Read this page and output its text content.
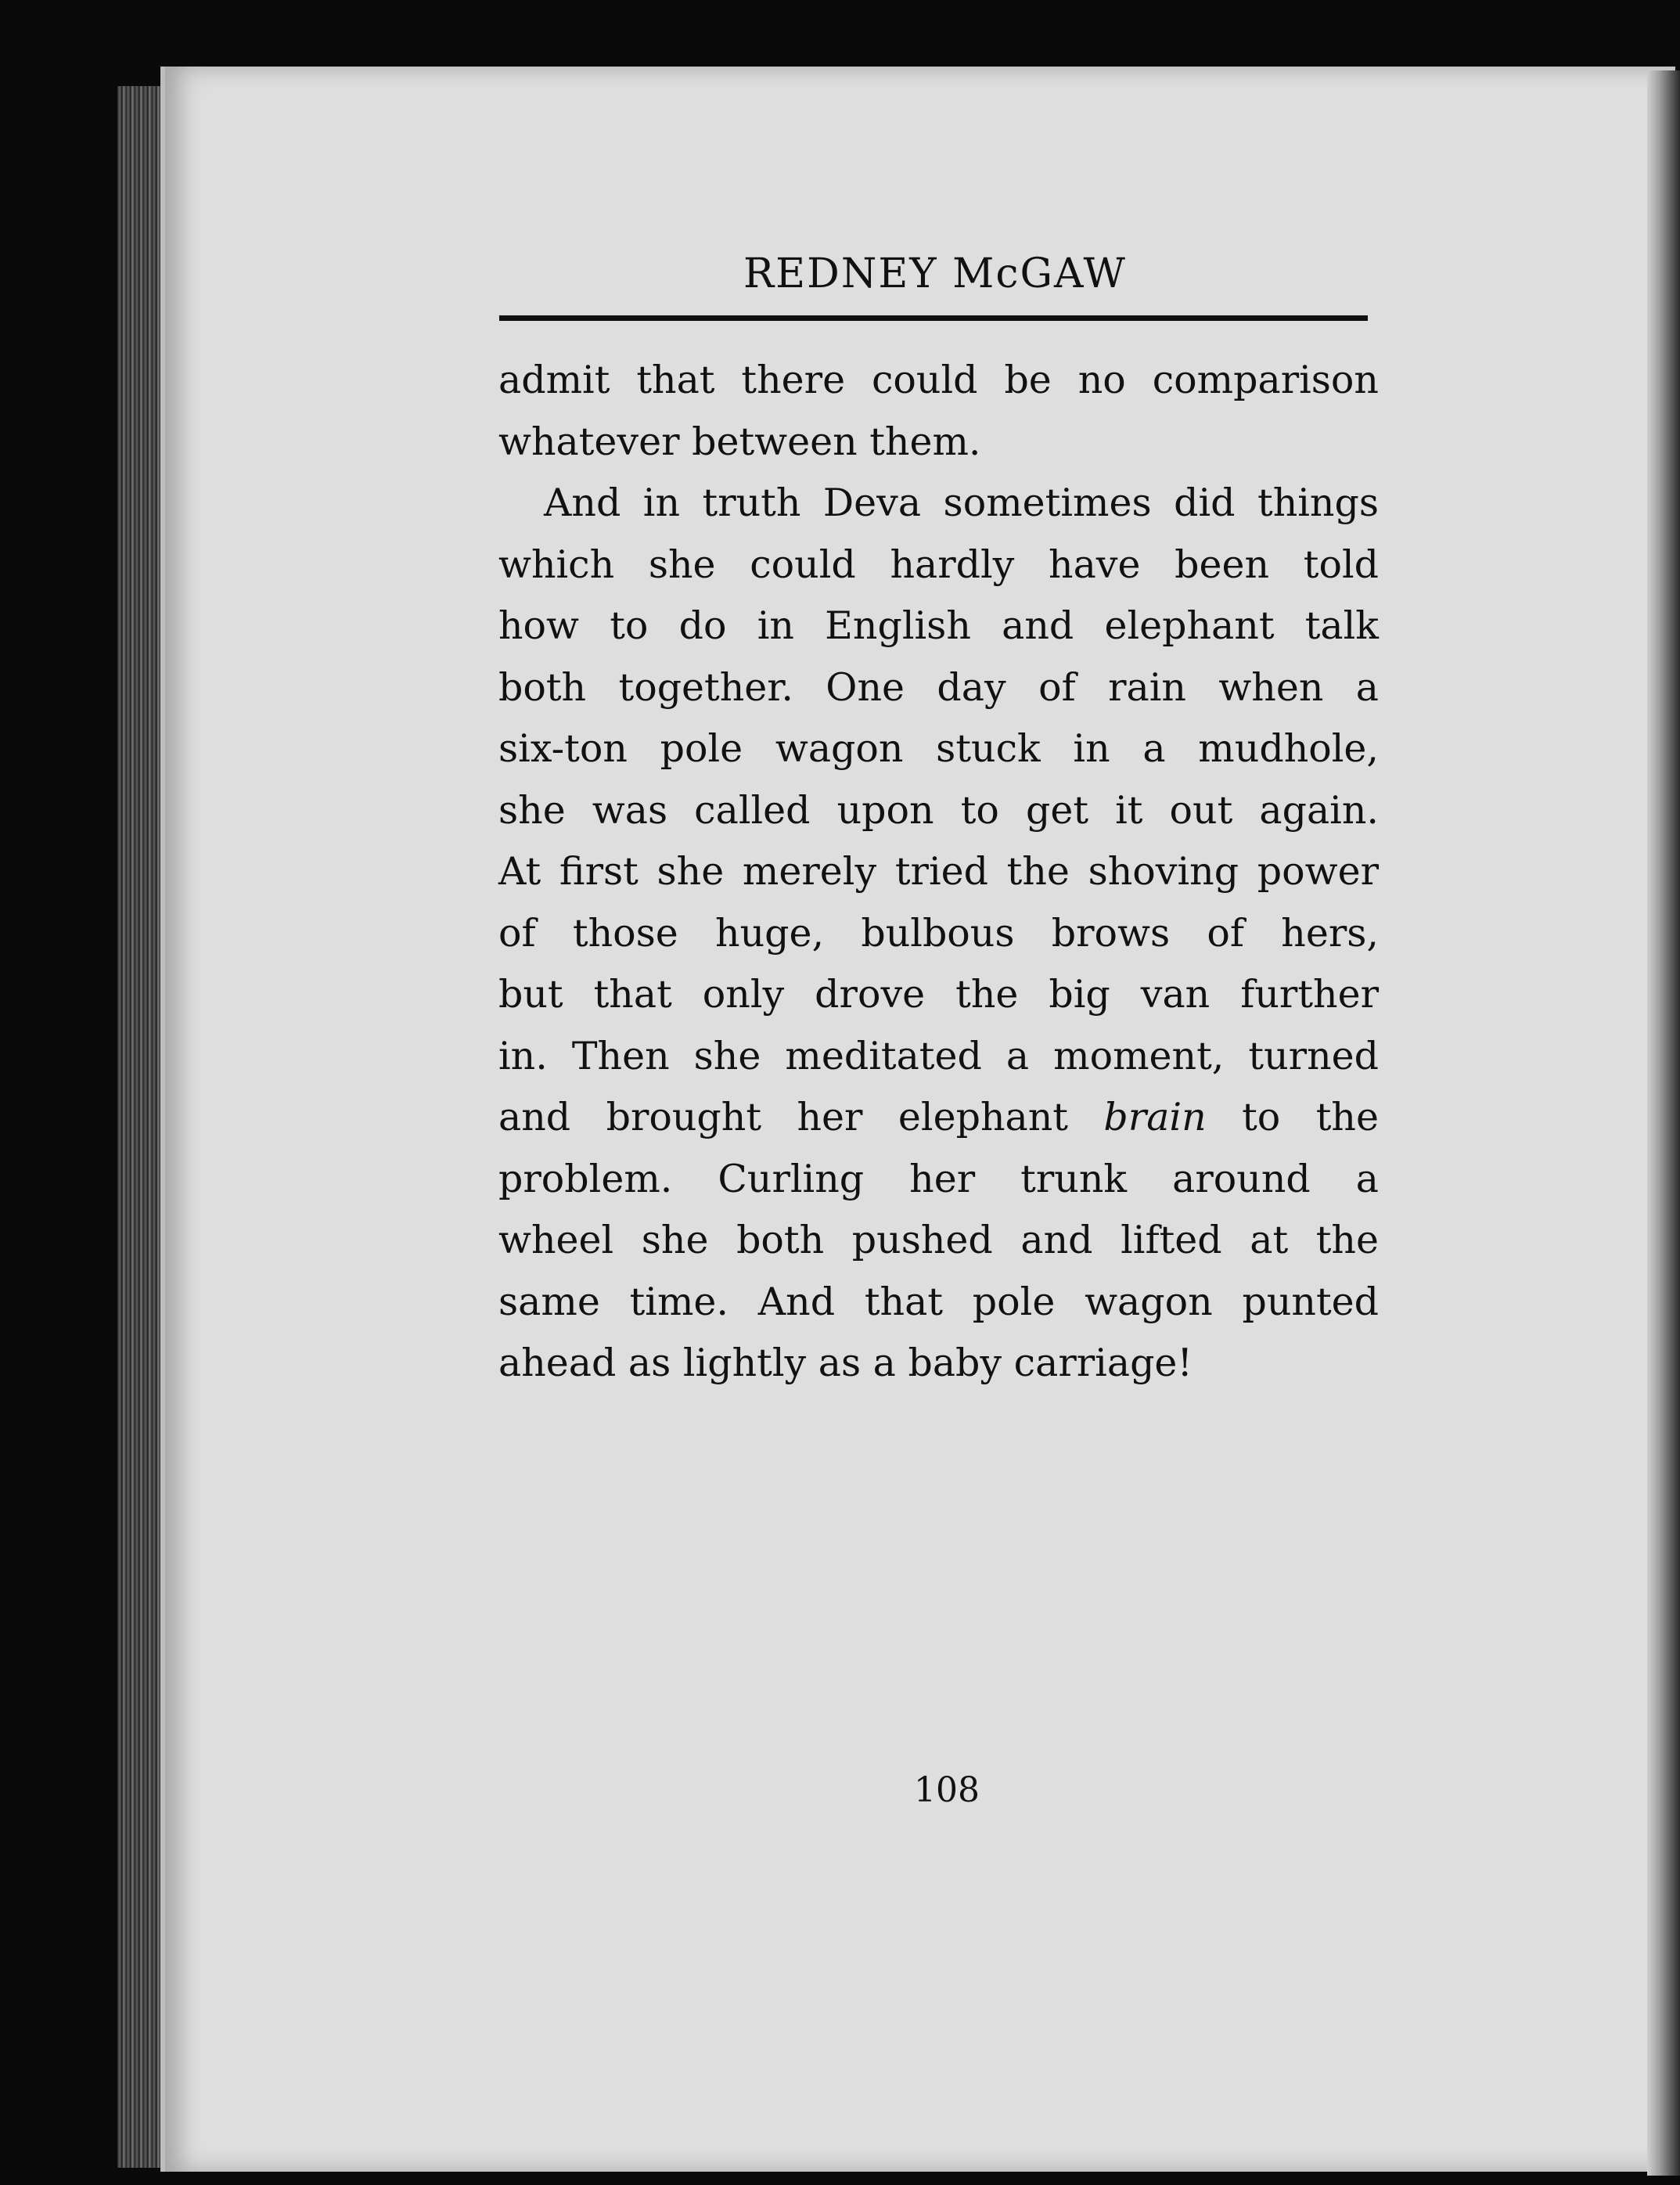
REDNEY McGAW
admit that there could be no comparison
whatever between them.
And in truth Deva sometimes did things
which she could hardly have been told
how to do in English and elephant talk
both together. One day of rain when a
six-ton pole wagon stuck in a mudhole,
she was called upon to get it out again.
At first she merely tried the shoving power
of those huge, bulbous brows of hers,
but that only drove the big van further
in. Then she meditated a moment, turned
and brought her elephant brain to the
problem. Curling her trunk around a
wheel she both pushed and lifted at the
same time. And that pole wagon punted
ahead as lightly as a baby carriage!
108
